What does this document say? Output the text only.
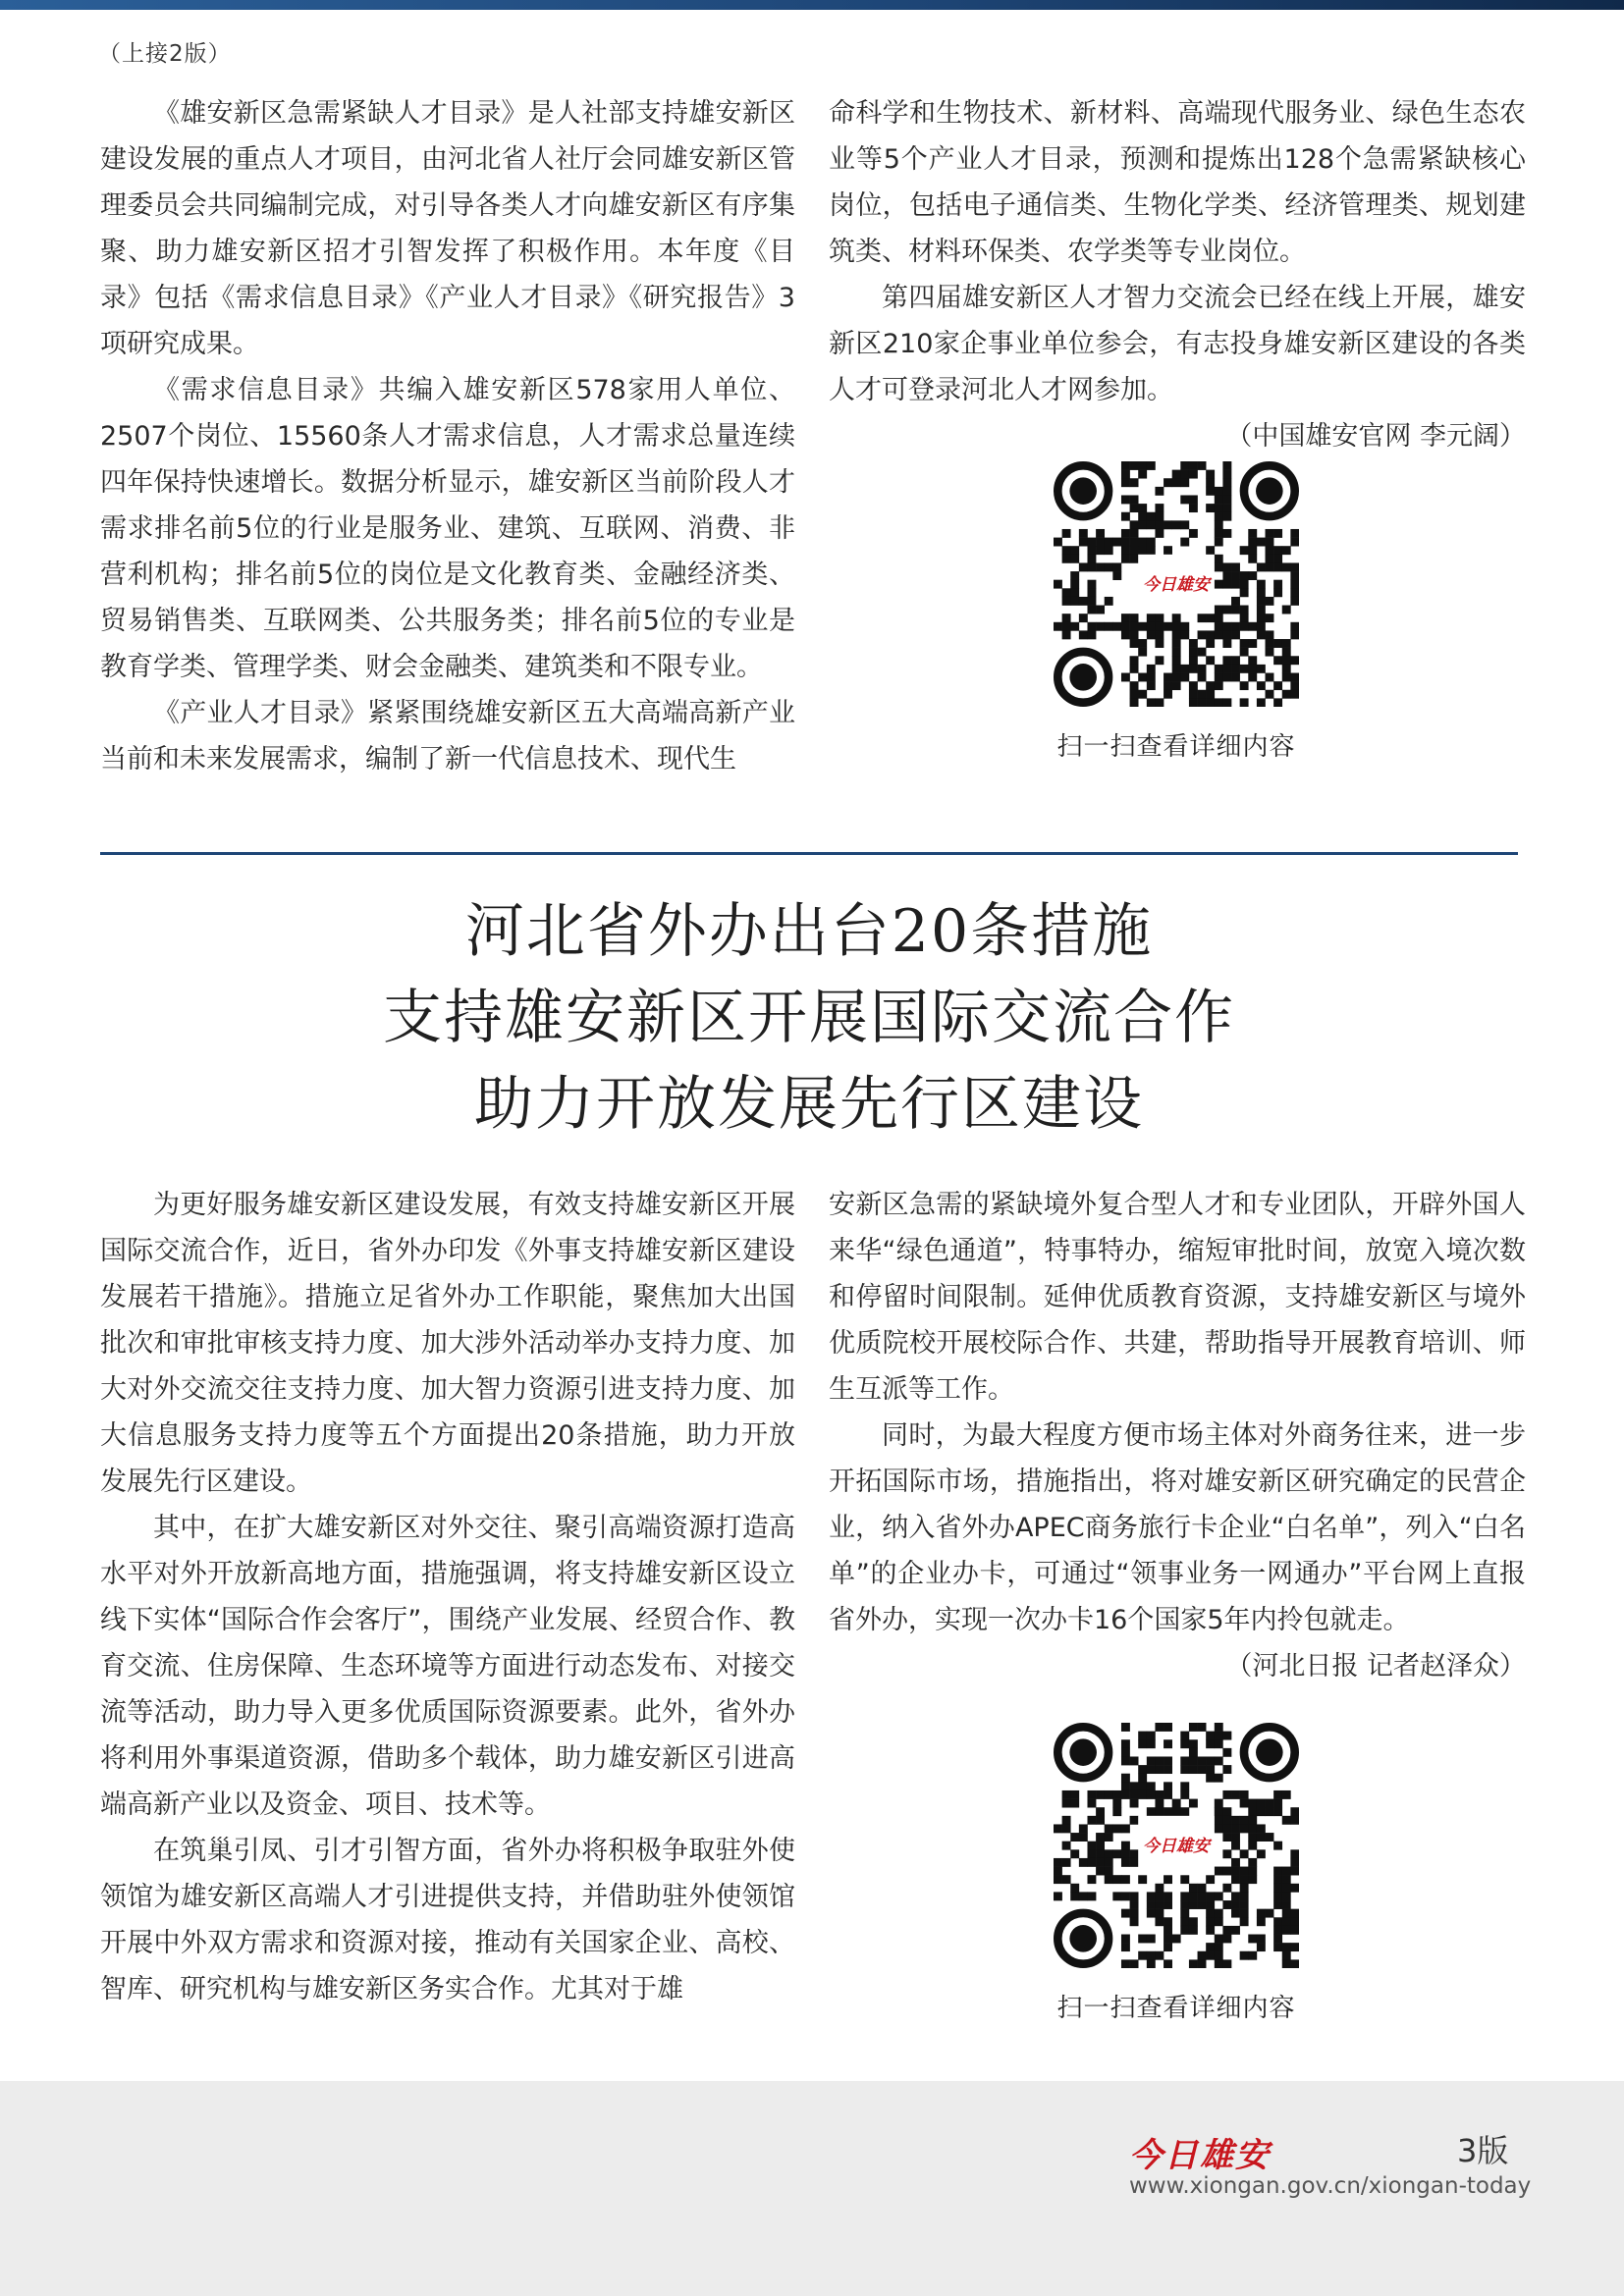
（上接2版）

《雄安新区急需紧缺人才目录》是人社部支持雄安新区建设发展的重点人才项目，由河北省人社厅会同雄安新区管理委员会共同编制完成，对引导各类人才向雄安新区有序集聚、助力雄安新区招才引智发挥了积极作用。本年度《目录》包括《需求信息目录》《产业人才目录》《研究报告》3项研究成果。

《需求信息目录》共编入雄安新区578家用人单位、2507个岗位、15560条人才需求信息，人才需求总量连续四年保持快速增长。数据分析显示，雄安新区当前阶段人才需求排名前5位的行业是服务业、建筑、互联网、消费、非营利机构；排名前5位的岗位是文化教育类、金融经济类、贸易销售类、互联网类、公共服务类；排名前5位的专业是教育学类、管理学类、财会金融类、建筑类和不限专业。

《产业人才目录》紧紧围绕雄安新区五大高端高新产业当前和未来发展需求，编制了新一代信息技术、现代生

命科学和生物技术、新材料、高端现代服务业、绿色生态农业等5个产业人才目录，预测和提炼出128个急需紧缺核心岗位，包括电子通信类、生物化学类、经济管理类、规划建筑类、材料环保类、农学类等专业岗位。

第四届雄安新区人才智力交流会已经在线上开展，雄安新区210家企事业单位参会，有志投身雄安新区建设的各类人才可登录河北人才网参加。

（中国雄安官网 李元阔）

今日雄安
扫一扫查看详细内容
河北省外办出台20条措施
支持雄安新区开展国际交流合作
助力开放发展先行区建设

为更好服务雄安新区建设发展，有效支持雄安新区开展国际交流合作，近日，省外办印发《外事支持雄安新区建设发展若干措施》。措施立足省外办工作职能，聚焦加大出国批次和审批审核支持力度、加大涉外活动举办支持力度、加大对外交流交往支持力度、加大智力资源引进支持力度、加大信息服务支持力度等五个方面提出20条措施，助力开放发展先行区建设。

其中，在扩大雄安新区对外交往、聚引高端资源打造高水平对外开放新高地方面，措施强调，将支持雄安新区设立线下实体“国际合作会客厅”，围绕产业发展、经贸合作、教育交流、住房保障、生态环境等方面进行动态发布、对接交流等活动，助力导入更多优质国际资源要素。此外，省外办将利用外事渠道资源，借助多个载体，助力雄安新区引进高端高新产业以及资金、项目、技术等。

在筑巢引凤、引才引智方面，省外办将积极争取驻外使领馆为雄安新区高端人才引进提供支持，并借助驻外使领馆开展中外双方需求和资源对接，推动有关国家企业、高校、智库、研究机构与雄安新区务实合作。尤其对于雄

安新区急需的紧缺境外复合型人才和专业团队，开辟外国人来华“绿色通道”，特事特办，缩短审批时间，放宽入境次数和停留时间限制。延伸优质教育资源，支持雄安新区与境外优质院校开展校际合作、共建，帮助指导开展教育培训、师生互派等工作。

同时，为最大程度方便市场主体对外商务往来，进一步开拓国际市场，措施指出，将对雄安新区研究确定的民营企业，纳入省外办APEC商务旅行卡企业“白名单”，列入“白名单”的企业办卡，可通过“领事业务一网通办”平台网上直报省外办，实现一次办卡16个国家5年内拎包就走。

（河北日报 记者赵泽众）

今日雄安
扫一扫查看详细内容
今日雄安	3版
www.xiongan.gov.cn/xiongan-today
